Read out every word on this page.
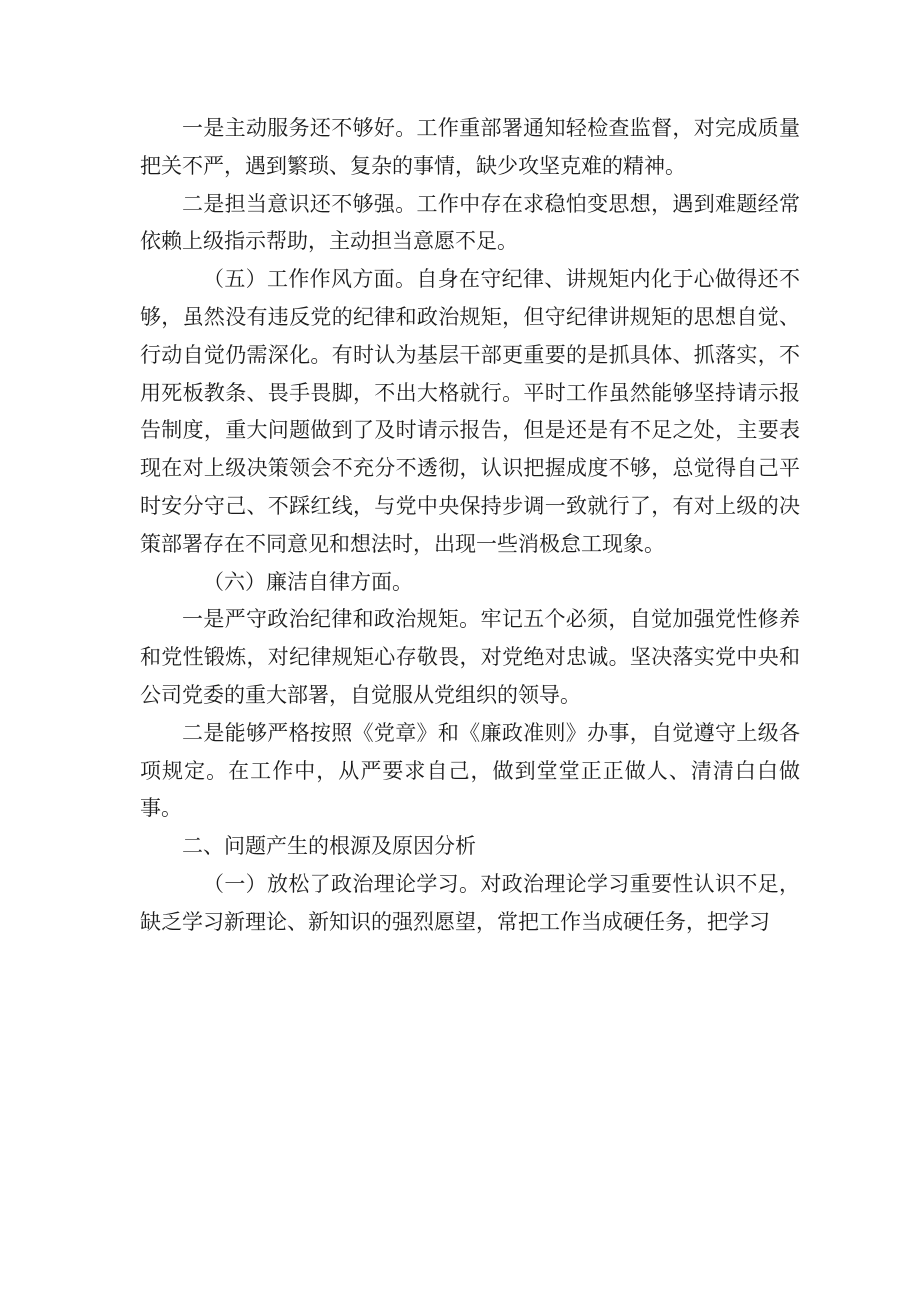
一是主动服务还不够好。工作重部署通知轻检查监督，对完成质量把关不严，遇到繁琐、复杂的事情，缺少攻坚克难的精神。

二是担当意识还不够强。工作中存在求稳怕变思想，遇到难题经常依赖上级指示帮助，主动担当意愿不足。

（五）工作作风方面。自身在守纪律、讲规矩内化于心做得还不够，虽然没有违反党的纪律和政治规矩，但守纪律讲规矩的思想自觉、行动自觉仍需深化。有时认为基层干部更重要的是抓具体、抓落实，不用死板教条、畏手畏脚，不出大格就行。平时工作虽然能够坚持请示报告制度，重大问题做到了及时请示报告，但是还是有不足之处，主要表现在对上级决策领会不充分不透彻，认识把握成度不够，总觉得自己平时安分守己、不踩红线，与党中央保持步调一致就行了，有对上级的决策部署存在不同意见和想法时，出现一些消极怠工现象。

（六）廉洁自律方面。

一是严守政治纪律和政治规矩。牢记五个必须，自觉加强党性修养和党性锻炼，对纪律规矩心存敬畏，对党绝对忠诚。坚决落实党中央和公司党委的重大部署，自觉服从党组织的领导。

二是能够严格按照《党章》和《廉政准则》办事，自觉遵守上级各项规定。在工作中，从严要求自己，做到堂堂正正做人、清清白白做事。

二、问题产生的根源及原因分析

（一）放松了政治理论学习。对政治理论学习重要性认识不足，缺乏学习新理论、新知识的强烈愿望，常把工作当成硬任务，把学习
